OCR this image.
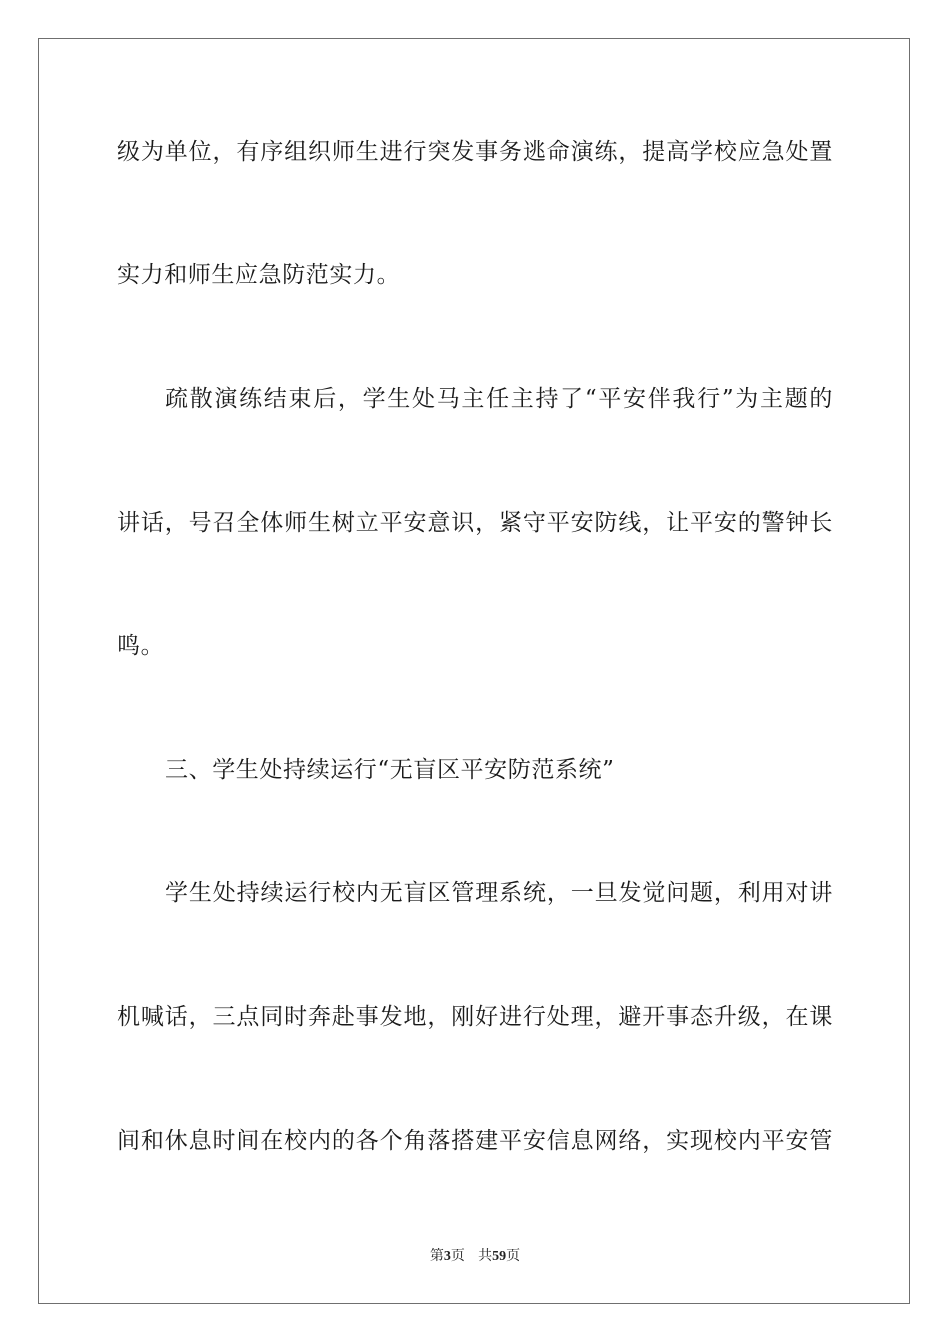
级为单位，有序组织师生进行突发事务逃命演练，提高学校应急处置
实力和师生应急防范实力。
疏散演练结束后，学生处马主任主持了“平安伴我行”为主题的
讲话，号召全体师生树立平安意识，紧守平安防线，让平安的警钟长
鸣。
三、学生处持续运行“无盲区平安防范系统”
学生处持续运行校内无盲区管理系统，一旦发觉问题，利用对讲
机喊话，三点同时奔赴事发地，刚好进行处理，避开事态升级，在课
间和休息时间在校内的各个角落搭建平安信息网络，实现校内平安管
第3页 共59页
